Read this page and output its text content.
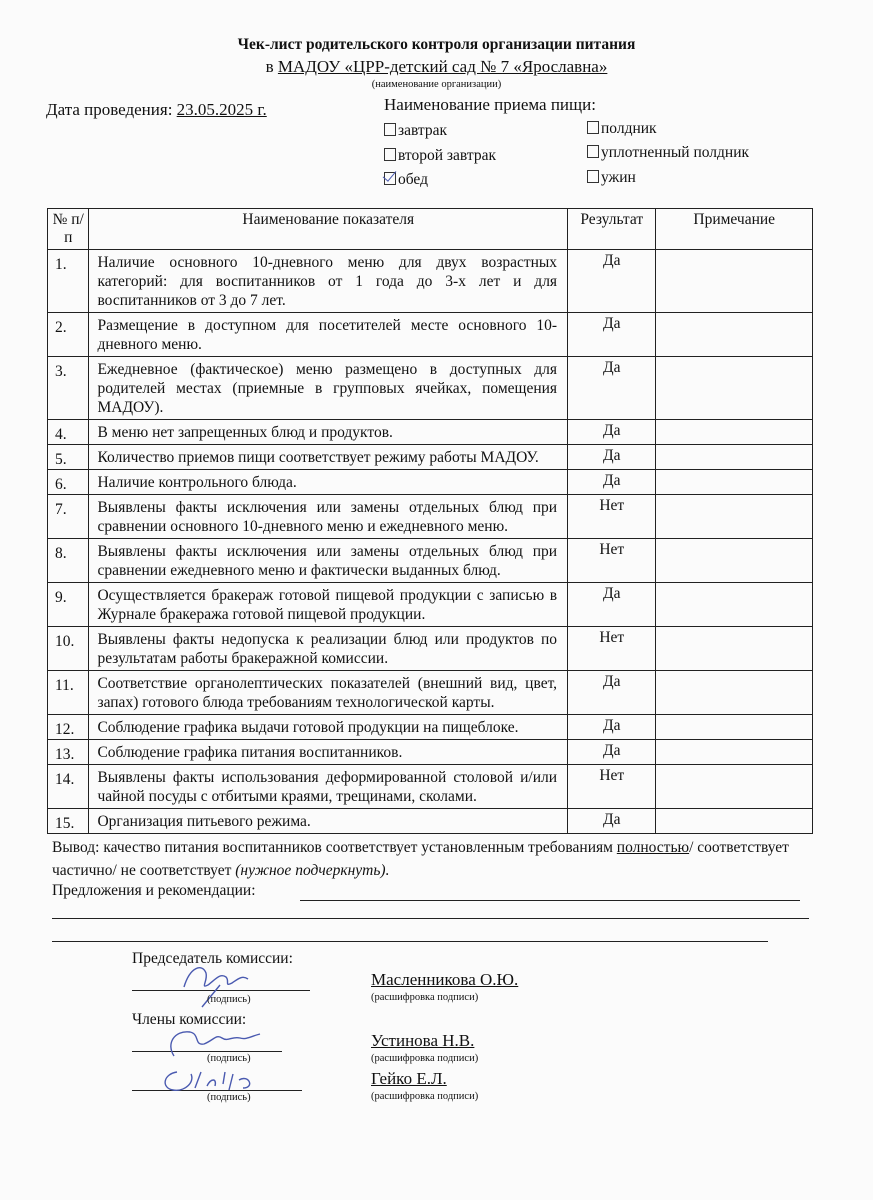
Чек-лист родительского контроля организации питания
в МАДОУ «ЦРР-детский сад № 7 «Ярославна»
(наименование организации)
Дата проведения: 23.05.2025 г.	Наименование приема пищи:
завтрак	полдник
второй завтрак	уплотненный полдник
обед	ужин
№ п/п	Наименование показателя	Результат	Примечание
1.	Наличие основного 10-дневного меню для двух возрастных категорий: для воспитанников от 1 года до 3-х лет и для воспитанников от 3 до 7 лет.	Да	
2.	Размещение в доступном для посетителей месте основного 10-дневного меню.	Да	
3.	Ежедневное (фактическое) меню размещено в доступных для родителей местах (приемные в групповых ячейках, помещения МАДОУ).	Да	
4.	В меню нет запрещенных блюд и продуктов.	Да	
5.	Количество приемов пищи соответствует режиму работы МАДОУ.	Да	
6.	Наличие контрольного блюда.	Да	
7.	Выявлены факты исключения или замены отдельных блюд при сравнении основного 10-дневного меню и ежедневного меню.	Нет	
8.	Выявлены факты исключения или замены отдельных блюд при сравнении ежедневного меню и фактически выданных блюд.	Нет	
9.	Осуществляется бракераж готовой пищевой продукции с записью в Журнале бракеража готовой пищевой продукции.	Да	
10.	Выявлены факты недопуска к реализации блюд или продуктов по результатам работы бракеражной комиссии.	Нет	
11.	Соответствие органолептических показателей (внешний вид, цвет, запах) готового блюда требованиям технологической карты.	Да	
12.	Соблюдение графика выдачи готовой продукции на пищеблоке.	Да	
13.	Соблюдение графика питания воспитанников.	Да	
14.	Выявлены факты использования деформированной столовой и/или чайной посуды с отбитыми краями, трещинами, сколами.	Нет	
15.	Организация питьевого режима.	Да	
Вывод: качество питания воспитанников соответствует установленным требованиям полностью/ соответствует частично/ не соответствует (нужное подчеркнуть).
Предложения и рекомендации:
Председатель комиссии:
(подпись)
Масленникова О.Ю.
(расшифровка подписи)
Члены комиссии:
(подпись)
Устинова Н.В.
(расшифровка подписи)
(подпись)
Гейко Е.Л.
(расшифровка подписи)
